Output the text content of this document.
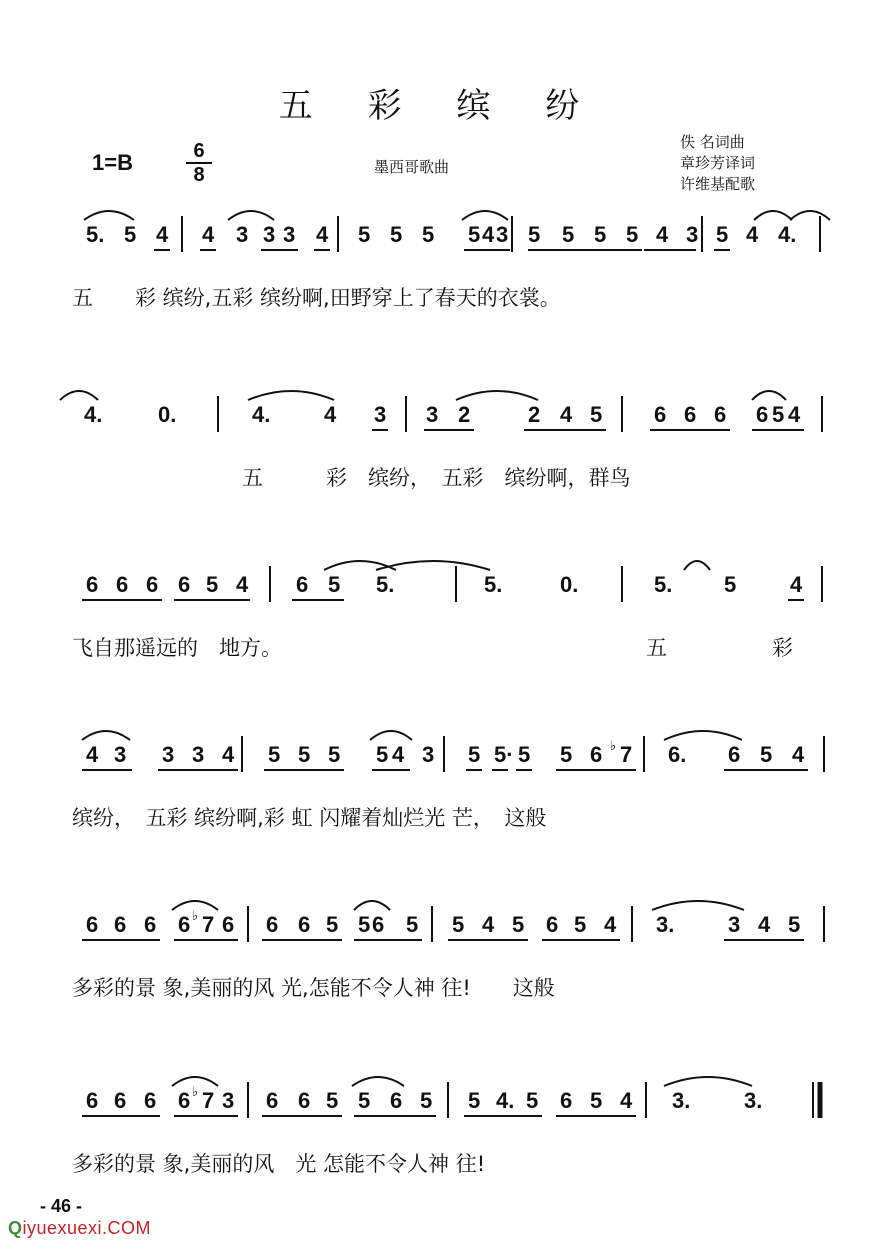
五 彩 缤 纷
1=B	$\frac{6}{8}$	墨西哥歌曲
佚 名词曲
章珍芳译词
许维基配歌
5. 5 4 4 3 3 3 4 5 5 5 5 4 3 5 5 5 5 4 3 5 4 4.
五　　彩 缤纷,五彩 缤纷啊,田野穿上了春天的衣裳。
4.	0.	4. 4 3 3 2	2 4 5 6 6 6 6 5 4
五　　　彩　缤纷，　五彩　缤纷啊，群鸟
6 6 6 6 5 4 6 5 5.	5.	0.	5. 5 4
飞自那遥远的　地方。	五　　　　　彩
4 3 3 3 4 5 5 5 5 4 3 5 5· 5 5 6 7
♭ 6. 6 5 4
缤纷，　五彩 缤纷啊,彩 虹 闪耀着灿烂光 芒，　这般
6 6 6 6 7
♭ 6 6 6 5 5 6 5 5 4 5 6 5 4 3. 3 4 5
多彩的景 象,美丽的风 光,怎能不令人神 往!　　这般
6 6 6 6 7
♭ 3 6 6 5 5 6 5 5 4. 5 6 5 4 3. 3.
多彩的景 象,美丽的风　光 怎能不令人神 往!
- 46 -
Qiyuexuexi.COM
